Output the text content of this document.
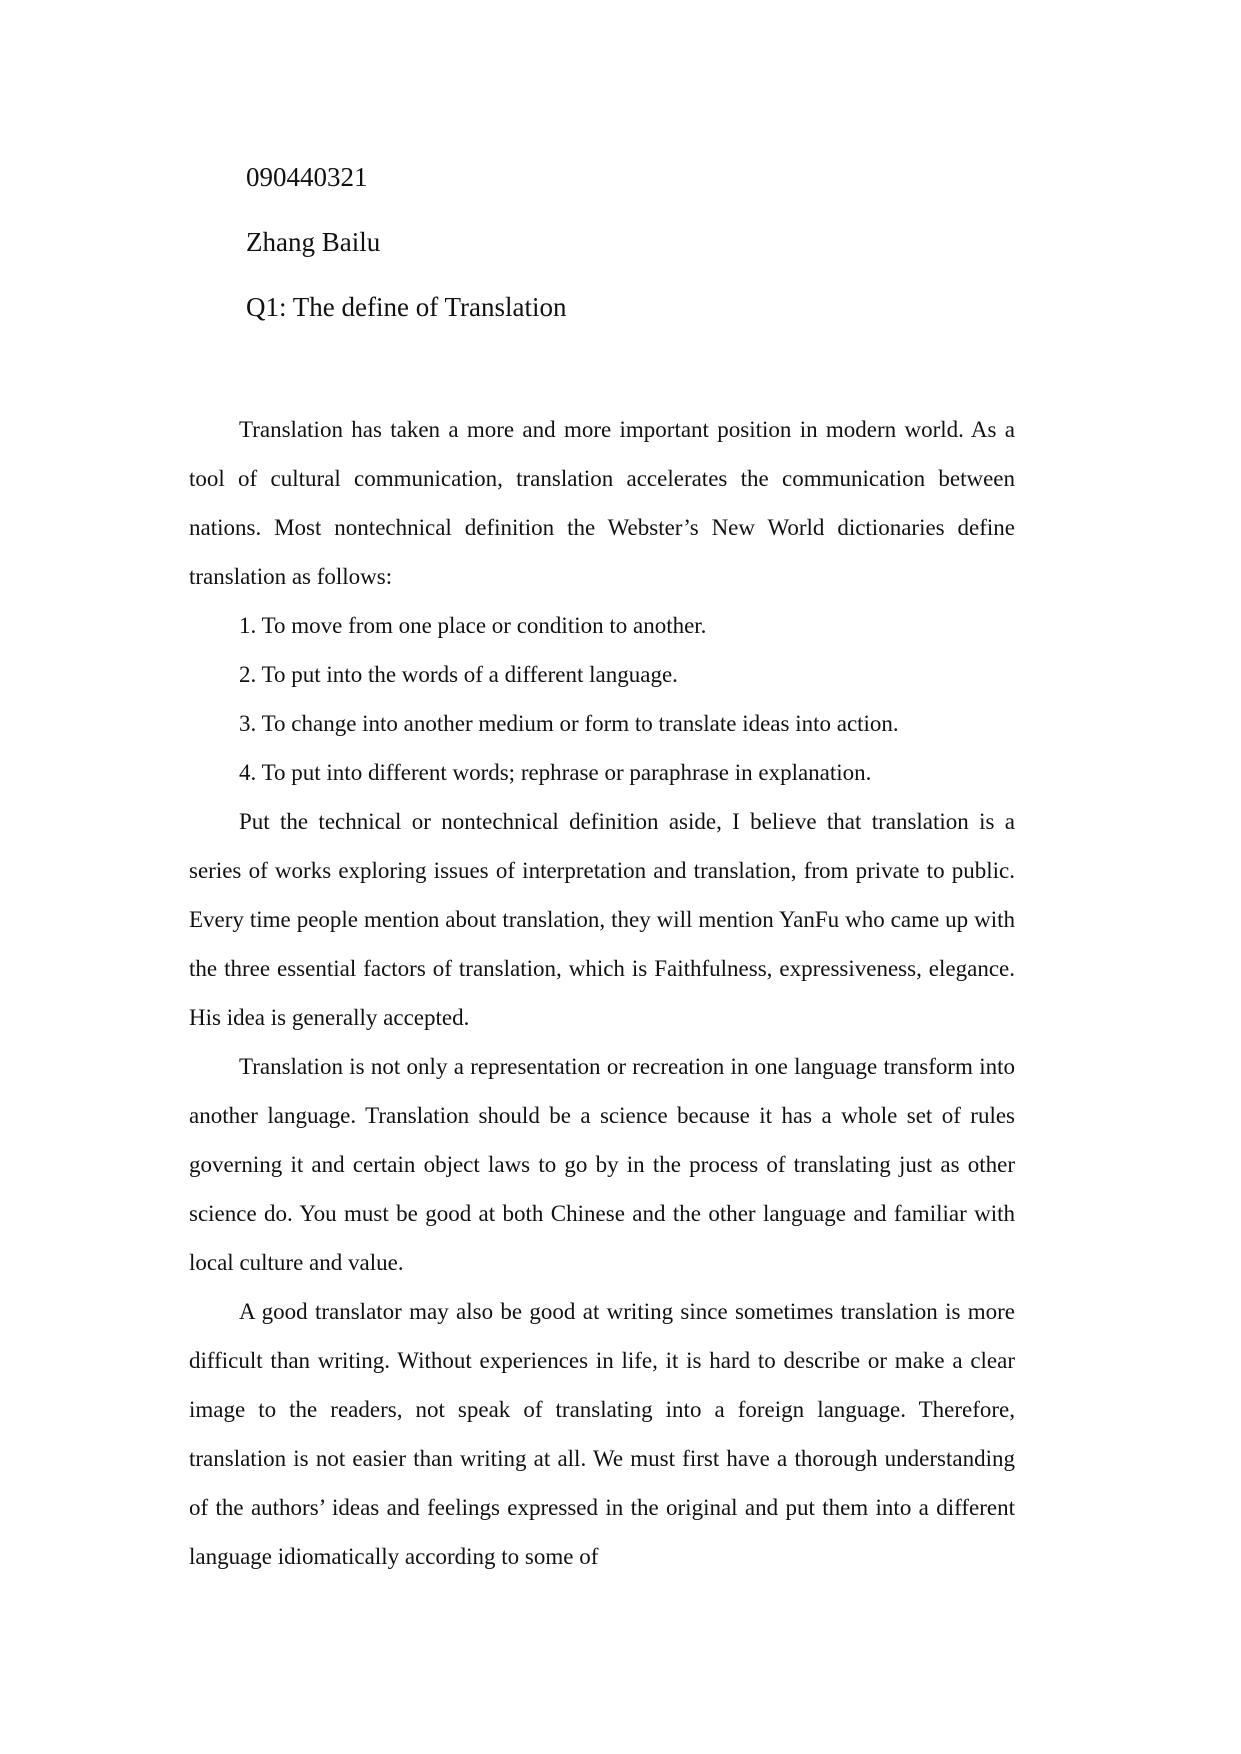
090440321
Zhang Bailu
Q1: The define of Translation

Translation has taken a more and more important position in modern world. As a tool of cultural communication, translation accelerates the communication between nations. Most nontechnical definition the Webster’s New World dictionaries define translation as follows:

1. To move from one place or condition to another.
2. To put into the words of a different language.
3. To change into another medium or form to translate ideas into action.
4. To put into different words; rephrase or paraphrase in explanation.

Put the technical or nontechnical definition aside, I believe that translation is a series of works exploring issues of interpretation and translation, from private to public. Every time people mention about translation, they will mention YanFu who came up with the three essential factors of translation, which is Faithfulness, expressiveness, elegance. His idea is generally accepted.

Translation is not only a representation or recreation in one language transform into another language. Translation should be a science because it has a whole set of rules governing it and certain object laws to go by in the process of translating just as other science do. You must be good at both Chinese and the other language and familiar with local culture and value.

A good translator may also be good at writing since sometimes translation is more difficult than writing. Without experiences in life, it is hard to describe or make a clear image to the readers, not speak of translating into a foreign language. Therefore, translation is not easier than writing at all. We must first have a thorough understanding of the authors’ ideas and feelings expressed in the original and put them into a different language idiomatically according to some of
